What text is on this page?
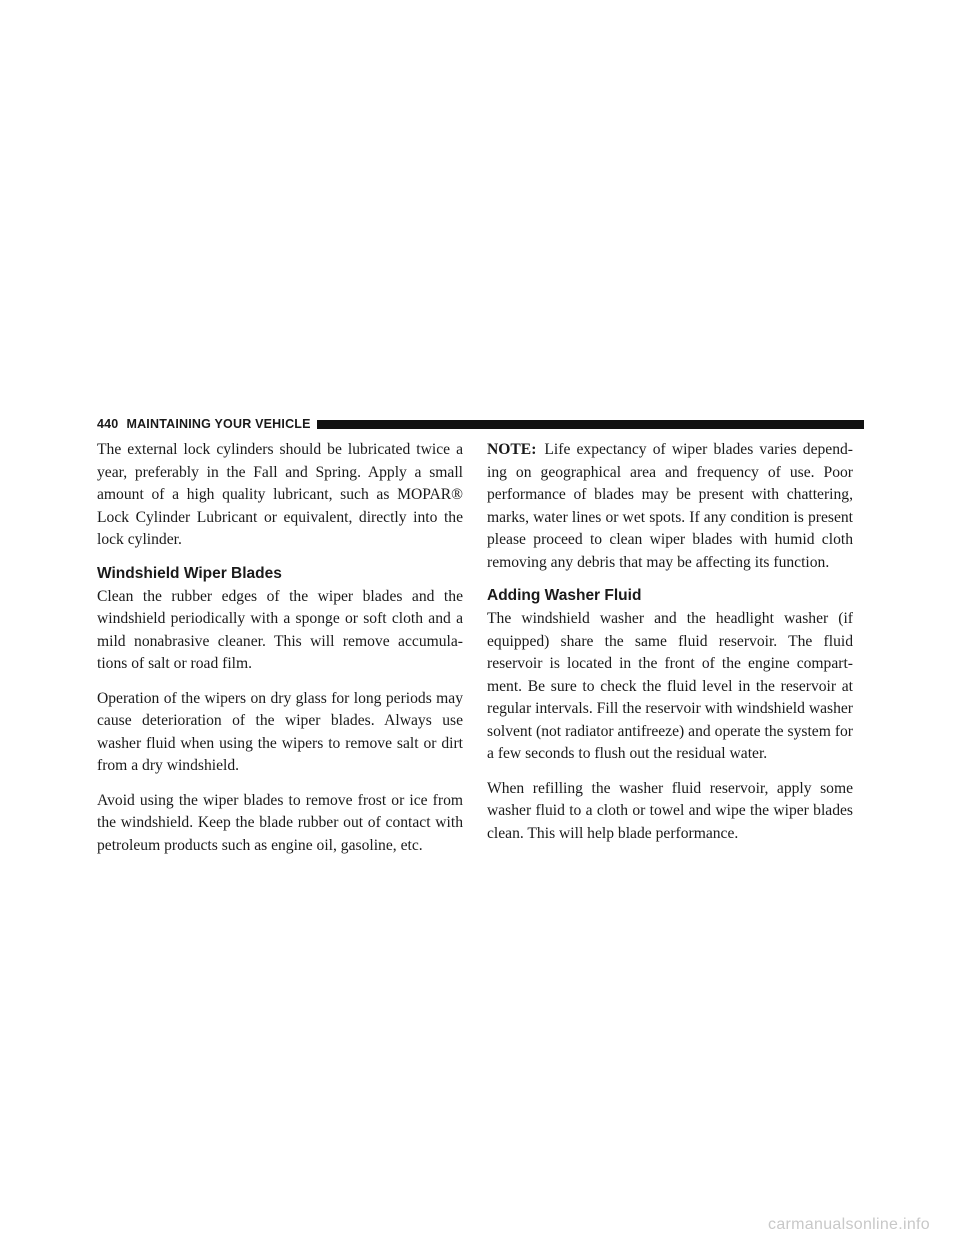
440 MAINTAINING YOUR VEHICLE

The external lock cylinders should be lubricated twice a year, preferably in the Fall and Spring. Apply a small amount of a high quality lubricant, such as MOPAR® Lock Cylinder Lubricant or equivalent, directly into the lock cylinder.

Windshield Wiper Blades

Clean the rubber edges of the wiper blades and the windshield periodically with a sponge or soft cloth and a mild nonabrasive cleaner. This will remove accumula-tions of salt or road film.

Operation of the wipers on dry glass for long periods may cause deterioration of the wiper blades. Always use washer fluid when using the wipers to remove salt or dirt from a dry windshield.

Avoid using the wiper blades to remove frost or ice from the windshield. Keep the blade rubber out of contact with petroleum products such as engine oil, gasoline, etc.

NOTE: Life expectancy of wiper blades varies depend-ing on geographical area and frequency of use. Poor performance of blades may be present with chattering, marks, water lines or wet spots. If any condition is present please proceed to clean wiper blades with humid cloth removing any debris that may be affecting its function.

Adding Washer Fluid

The windshield washer and the headlight washer (if equipped) share the same fluid reservoir. The fluid reservoir is located in the front of the engine compart-ment. Be sure to check the fluid level in the reservoir at regular intervals. Fill the reservoir with windshield washer solvent (not radiator antifreeze) and operate the system for a few seconds to flush out the residual water.

When refilling the washer fluid reservoir, apply some washer fluid to a cloth or towel and wipe the wiper blades clean. This will help blade performance.

carmanualsonline.info
